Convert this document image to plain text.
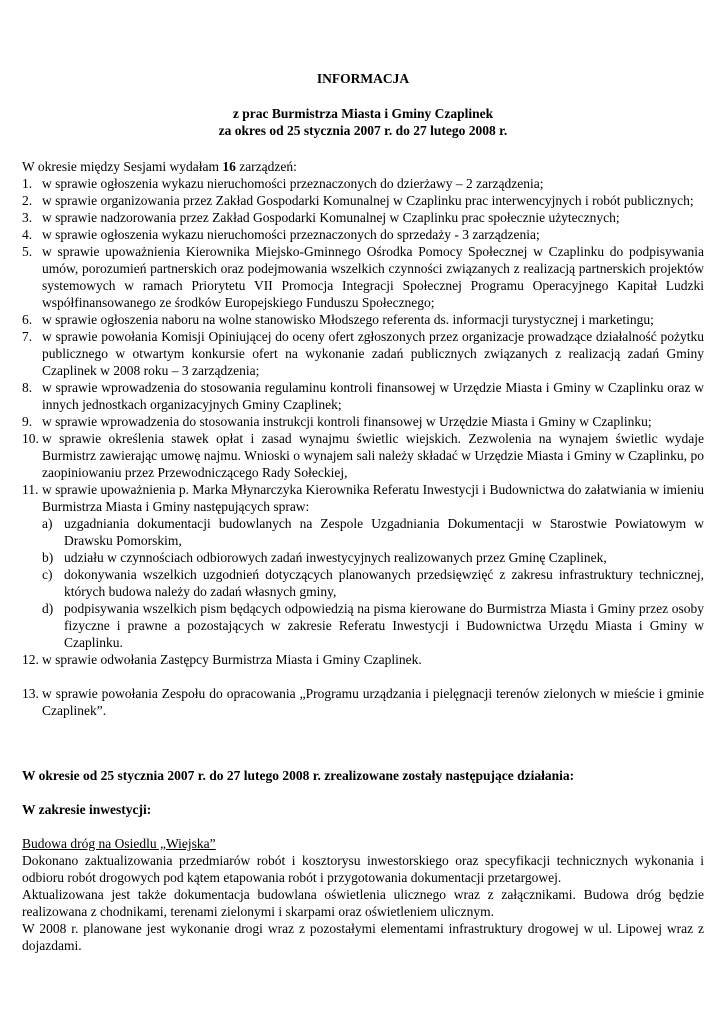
INFORMACJA

z prac Burmistrza Miasta i Gminy Czaplinek

za okres od 25 stycznia 2007 r. do 27 lutego 2008 r.

W okresie między Sesjami wydałam 16 zarządzeń:

1. w sprawie ogłoszenia wykazu nieruchomości przeznaczonych do dzierżawy – 2 zarządzenia;
2. w sprawie organizowania przez Zakład Gospodarki Komunalnej w Czaplinku prac interwencyjnych i robót publicznych;
3. w sprawie nadzorowania przez Zakład Gospodarki Komunalnej w Czaplinku prac społecznie użytecznych;
4. w sprawie ogłoszenia wykazu nieruchomości przeznaczonych do sprzedaży - 3 zarządzenia;
5. w sprawie upoważnienia Kierownika Miejsko-Gminnego Ośrodka Pomocy Społecznej w Czaplinku do podpisywania umów, porozumień partnerskich oraz podejmowania wszelkich czynności związanych z realizacją partnerskich projektów systemowych w ramach Priorytetu VII Promocja Integracji Społecznej Programu Operacyjnego Kapitał Ludzki współfinansowanego ze środków Europejskiego Funduszu Społecznego;
6. w sprawie ogłoszenia naboru na wolne stanowisko Młodszego referenta ds. informacji turystycznej i marketingu;
7. w sprawie powołania Komisji Opiniującej do oceny ofert zgłoszonych przez organizacje prowadzące działalność pożytku publicznego w otwartym konkursie ofert na wykonanie zadań publicznych związanych z realizacją zadań Gminy Czaplinek w 2008 roku – 3 zarządzenia;
8. w sprawie wprowadzenia do stosowania regulaminu kontroli finansowej w Urzędzie Miasta i Gminy w Czaplinku oraz w innych jednostkach organizacyjnych Gminy Czaplinek;
9. w sprawie wprowadzenia do stosowania instrukcji kontroli finansowej w Urzędzie Miasta i Gminy w Czaplinku;
10. w sprawie określenia stawek opłat i zasad wynajmu świetlic wiejskich. Zezwolenia na wynajem świetlic wydaje Burmistrz zawierając umowę najmu. Wnioski o wynajem sali należy składać w Urzędzie Miasta i Gminy w Czaplinku, po zaopiniowaniu przez Przewodniczącego Rady Sołeckiej,
11. w sprawie upoważnienia p. Marka Młynarczyka Kierownika Referatu Inwestycji i Budownictwa do załatwiania w imieniu Burmistrza Miasta i Gminy następujących spraw:
a) uzgadniania dokumentacji budowlanych na Zespole Uzgadniania Dokumentacji w Starostwie Powiatowym w Drawsku Pomorskim,
b) udziału w czynnościach odbiorowych zadań inwestycyjnych realizowanych przez Gminę Czaplinek,
c) dokonywania wszelkich uzgodnień dotyczących planowanych przedsięwzięć z zakresu infrastruktury technicznej, których budowa należy do zadań własnych gminy,
d) podpisywania wszelkich pism będących odpowiedzią na pisma kierowane do Burmistrza Miasta i Gminy przez osoby fizyczne i prawne a pozostających w zakresie Referatu Inwestycji i Budownictwa Urzędu Miasta i Gminy w Czaplinku.
12. w sprawie odwołania Zastępcy Burmistrza Miasta i Gminy Czaplinek.
13. w sprawie powołania Zespołu do opracowania „Programu urządzania i pielęgnacji terenów zielonych w mieście i gminie Czaplinek”.

W okresie od 25 stycznia 2007 r. do 27 lutego 2008 r. zrealizowane zostały następujące działania:

W zakresie inwestycji:

Budowa dróg na Osiedlu „Wiejska”

Dokonano zaktualizowania przedmiarów robót i kosztorysu inwestorskiego oraz specyfikacji technicznych wykonania i odbioru robót drogowych pod kątem etapowania robót i przygotowania dokumentacji przetargowej.

Aktualizowana jest także dokumentacja budowlana oświetlenia ulicznego wraz z załącznikami. Budowa dróg będzie realizowana z chodnikami, terenami zielonymi i skarpami oraz oświetleniem ulicznym.

W 2008 r. planowane jest wykonanie drogi wraz z pozostałymi elementami infrastruktury drogowej w ul. Lipowej wraz z dojazdami.
